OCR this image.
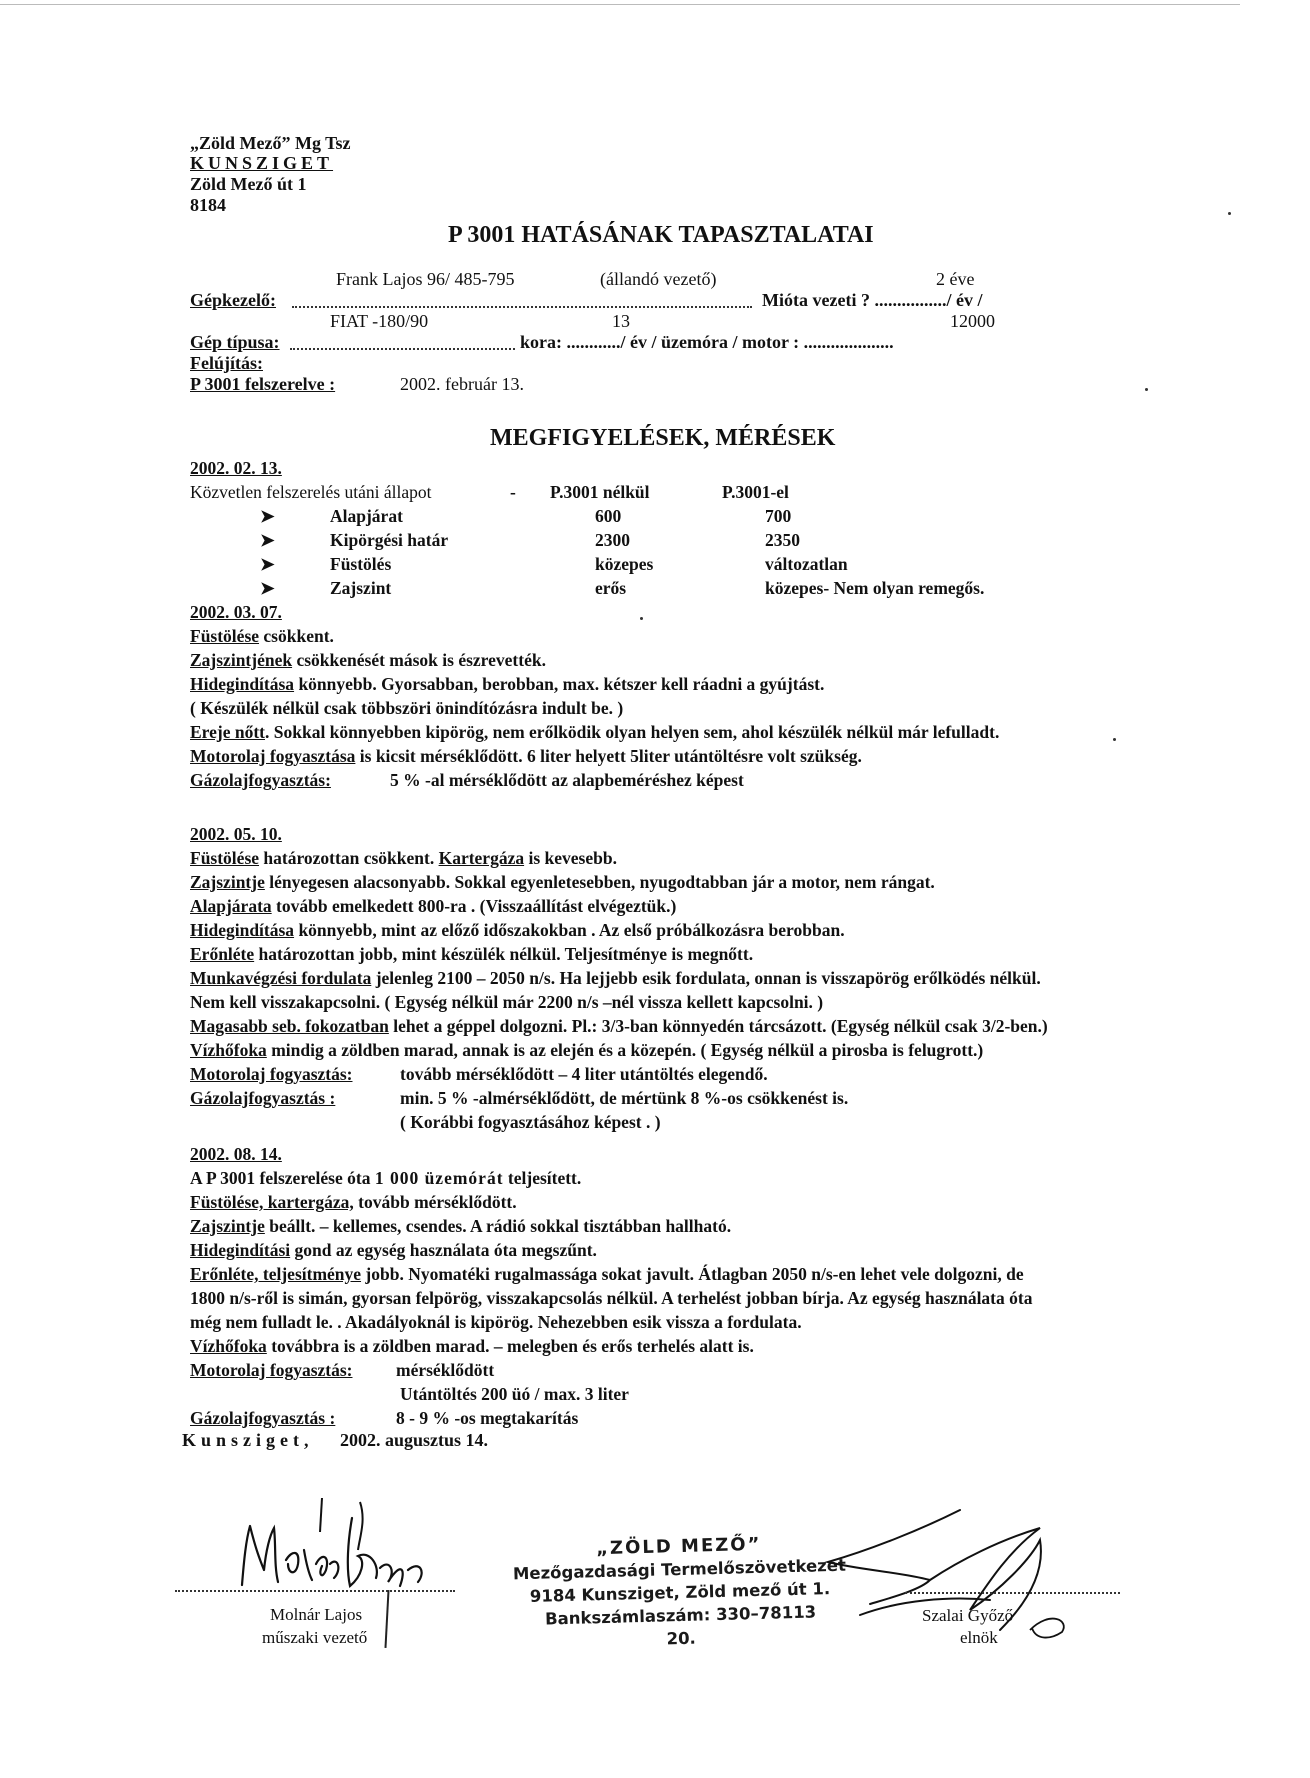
„Zöld Mező” Mg Tsz
KUNSZIGET
Zöld Mező út 1
8184
P 3001 HATÁSÁNAK TAPASZTALATAI
Frank Lajos 96/ 485-795	(állandó vezető)	2 éve
Gépkezelő:	Mióta vezeti ? ................/ év /
FIAT -180/90	13	12000
Gép típusa:	kora: ............/ év / üzemóra / motor : ....................
Felújítás:
P 3001 felszerelve :	2002. február 13.
MEGFIGYELÉSEK, MÉRÉSEK
2002. 02. 13.
Közvetlen felszerelés utáni állapot	-	P.3001 nélkül	P.3001-el
➤	Alapjárat	600	700
➤	Kipörgési határ	2300	2350
➤	Füstölés	közepes	változatlan
➤	Zajszint	erős	közepes- Nem olyan remegős.
2002. 03. 07.
Füstölése csökkent.
Zajszintjének csökkenését mások is észrevették.
Hidegindítása könnyebb. Gyorsabban, berobban, max. kétszer kell ráadni a gyújtást.
( Készülék nélkül csak többszöri önindítózásra indult be. )
Ereje nőtt. Sokkal könnyebben kipörög, nem erőlködik olyan helyen sem, ahol készülék nélkül már lefulladt.
Motorolaj fogyasztása is kicsit mérséklődött. 6 liter helyett 5liter utántöltésre volt szükség.
Gázolajfogyasztás:	5 % -al mérséklődött az alapbeméréshez képest
2002. 05. 10.
Füstölése határozottan csökkent. Kartergáza is kevesebb.
Zajszintje lényegesen alacsonyabb. Sokkal egyenletesebben, nyugodtabban jár a motor, nem rángat.
Alapjárata tovább emelkedett 800-ra . (Visszaállítást elvégeztük.)
Hidegindítása könnyebb, mint az előző időszakokban . Az első próbálkozásra berobban.
Erőnléte határozottan jobb, mint készülék nélkül. Teljesítménye is megnőtt.
Munkavégzési fordulata jelenleg 2100 – 2050 n/s. Ha lejjebb esik fordulata, onnan is visszapörög erőlködés nélkül.
Nem kell visszakapcsolni. ( Egység nélkül már 2200 n/s –nél vissza kellett kapcsolni. )
Magasabb seb. fokozatban lehet a géppel dolgozni. Pl.: 3/3-ban könnyedén tárcsázott. (Egység nélkül csak 3/2-ben.)
Vízhőfoka mindig a zöldben marad, annak is az elején és a közepén. ( Egység nélkül a pirosba is felugrott.)
Motorolaj fogyasztás:	tovább mérséklődött – 4 liter utántöltés elegendő.
Gázolajfogyasztás :	min. 5 % -al mérséklődött, de mértünk 8 %-os csökkenést is.
( Korábbi fogyasztásához képest . )
2002. 08. 14.
A P 3001 felszerelése óta 1 000 üzemórát teljesített.
Füstölése, kartergáza, tovább mérséklődött.
Zajszintje beállt. – kellemes, csendes. A rádió sokkal tisztábban hallható.
Hidegindítási gond az egység használata óta megszűnt.
Erőnléte, teljesítménye jobb. Nyomatéki rugalmassága sokat javult. Átlagban 2050 n/s-en lehet vele dolgozni, de
1800 n/s-ről is simán, gyorsan felpörög, visszakapcsolás nélkül. A terhelést jobban bírja. Az egység használata óta
még nem fulladt le. . Akadályoknál is kipörög. Nehezebben esik vissza a fordulata.
Vízhőfoka továbbra is a zöldben marad. – melegben és erős terhelés alatt is.
Motorolaj fogyasztás:	mérséklődött
Utántöltés 200 üó / max. 3 liter
Gázolajfogyasztás :	8 - 9 % -os megtakarítás
Kunsziget, 2002. augusztus 14.
Molnár Lajos
műszaki vezető
„ZÖLD MEZŐ”
Mezőgazdasági Termelőszövetkezet
9184 Kunsziget, Zöld mező út 1.
Bankszámlaszám: 330–78113
20.
Szalai Győző
elnök
